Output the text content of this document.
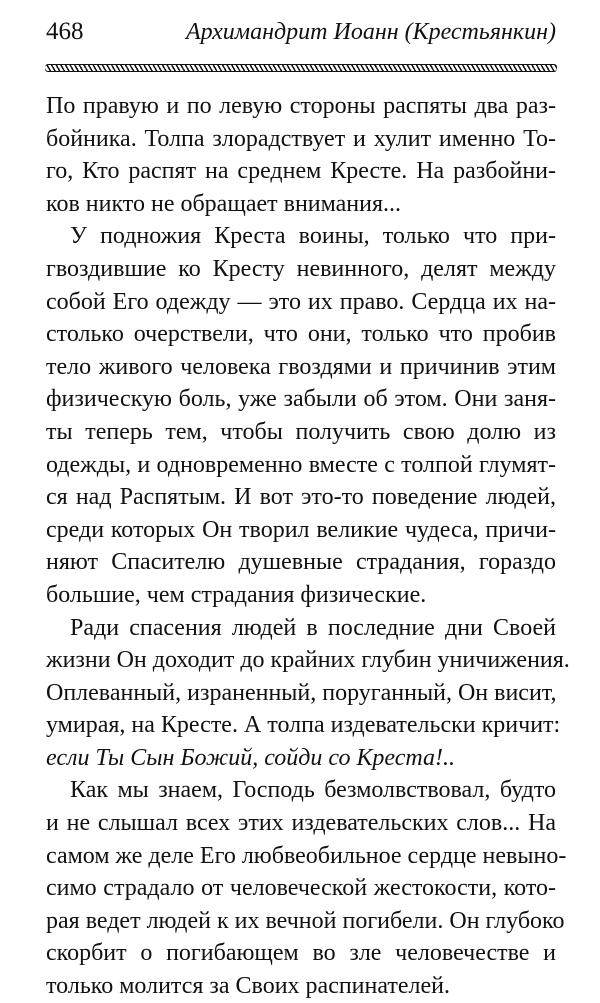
468	Архимандрит Иоанн (Крестьянкин)
По правую и по левую стороны распяты два раз-
бойника. Толпа злорадствует и хулит именно То-
го, Кто распят на среднем Кресте. На разбойни-
ков никто не обращает внимания...
У подножия Креста воины, только что при-
гвоздившие ко Кресту невинного, делят между
собой Его одежду — это их право. Сердца их на-
столько очерствели, что они, только что пробив
тело живого человека гвоздями и причинив этим
физическую боль, уже забыли об этом. Они заня-
ты теперь тем, чтобы получить свою долю из
одежды, и одновременно вместе с толпой глумят-
ся над Распятым. И вот это-то поведение людей,
среди которых Он творил великие чудеса, причи-
няют Спасителю душевные страдания, гораздо
большие, чем страдания физические.
Ради спасения людей в последние дни Своей
жизни Он доходит до крайних глубин уничижения.
Оплеванный, израненный, поруганный, Он висит,
умирая, на Кресте. А толпа издевательски кричит:
если Ты Сын Божий, сойди со Креста!..
Как мы знаем, Господь безмолвствовал, будто
и не слышал всех этих издевательских слов... На
самом же деле Его любвеобильное сердце невыно-
симо страдало от человеческой жестокости, кото-
рая ведет людей к их вечной погибели. Он глубоко
скорбит о погибающем во зле человечестве и
только молится за Своих распинателей.
